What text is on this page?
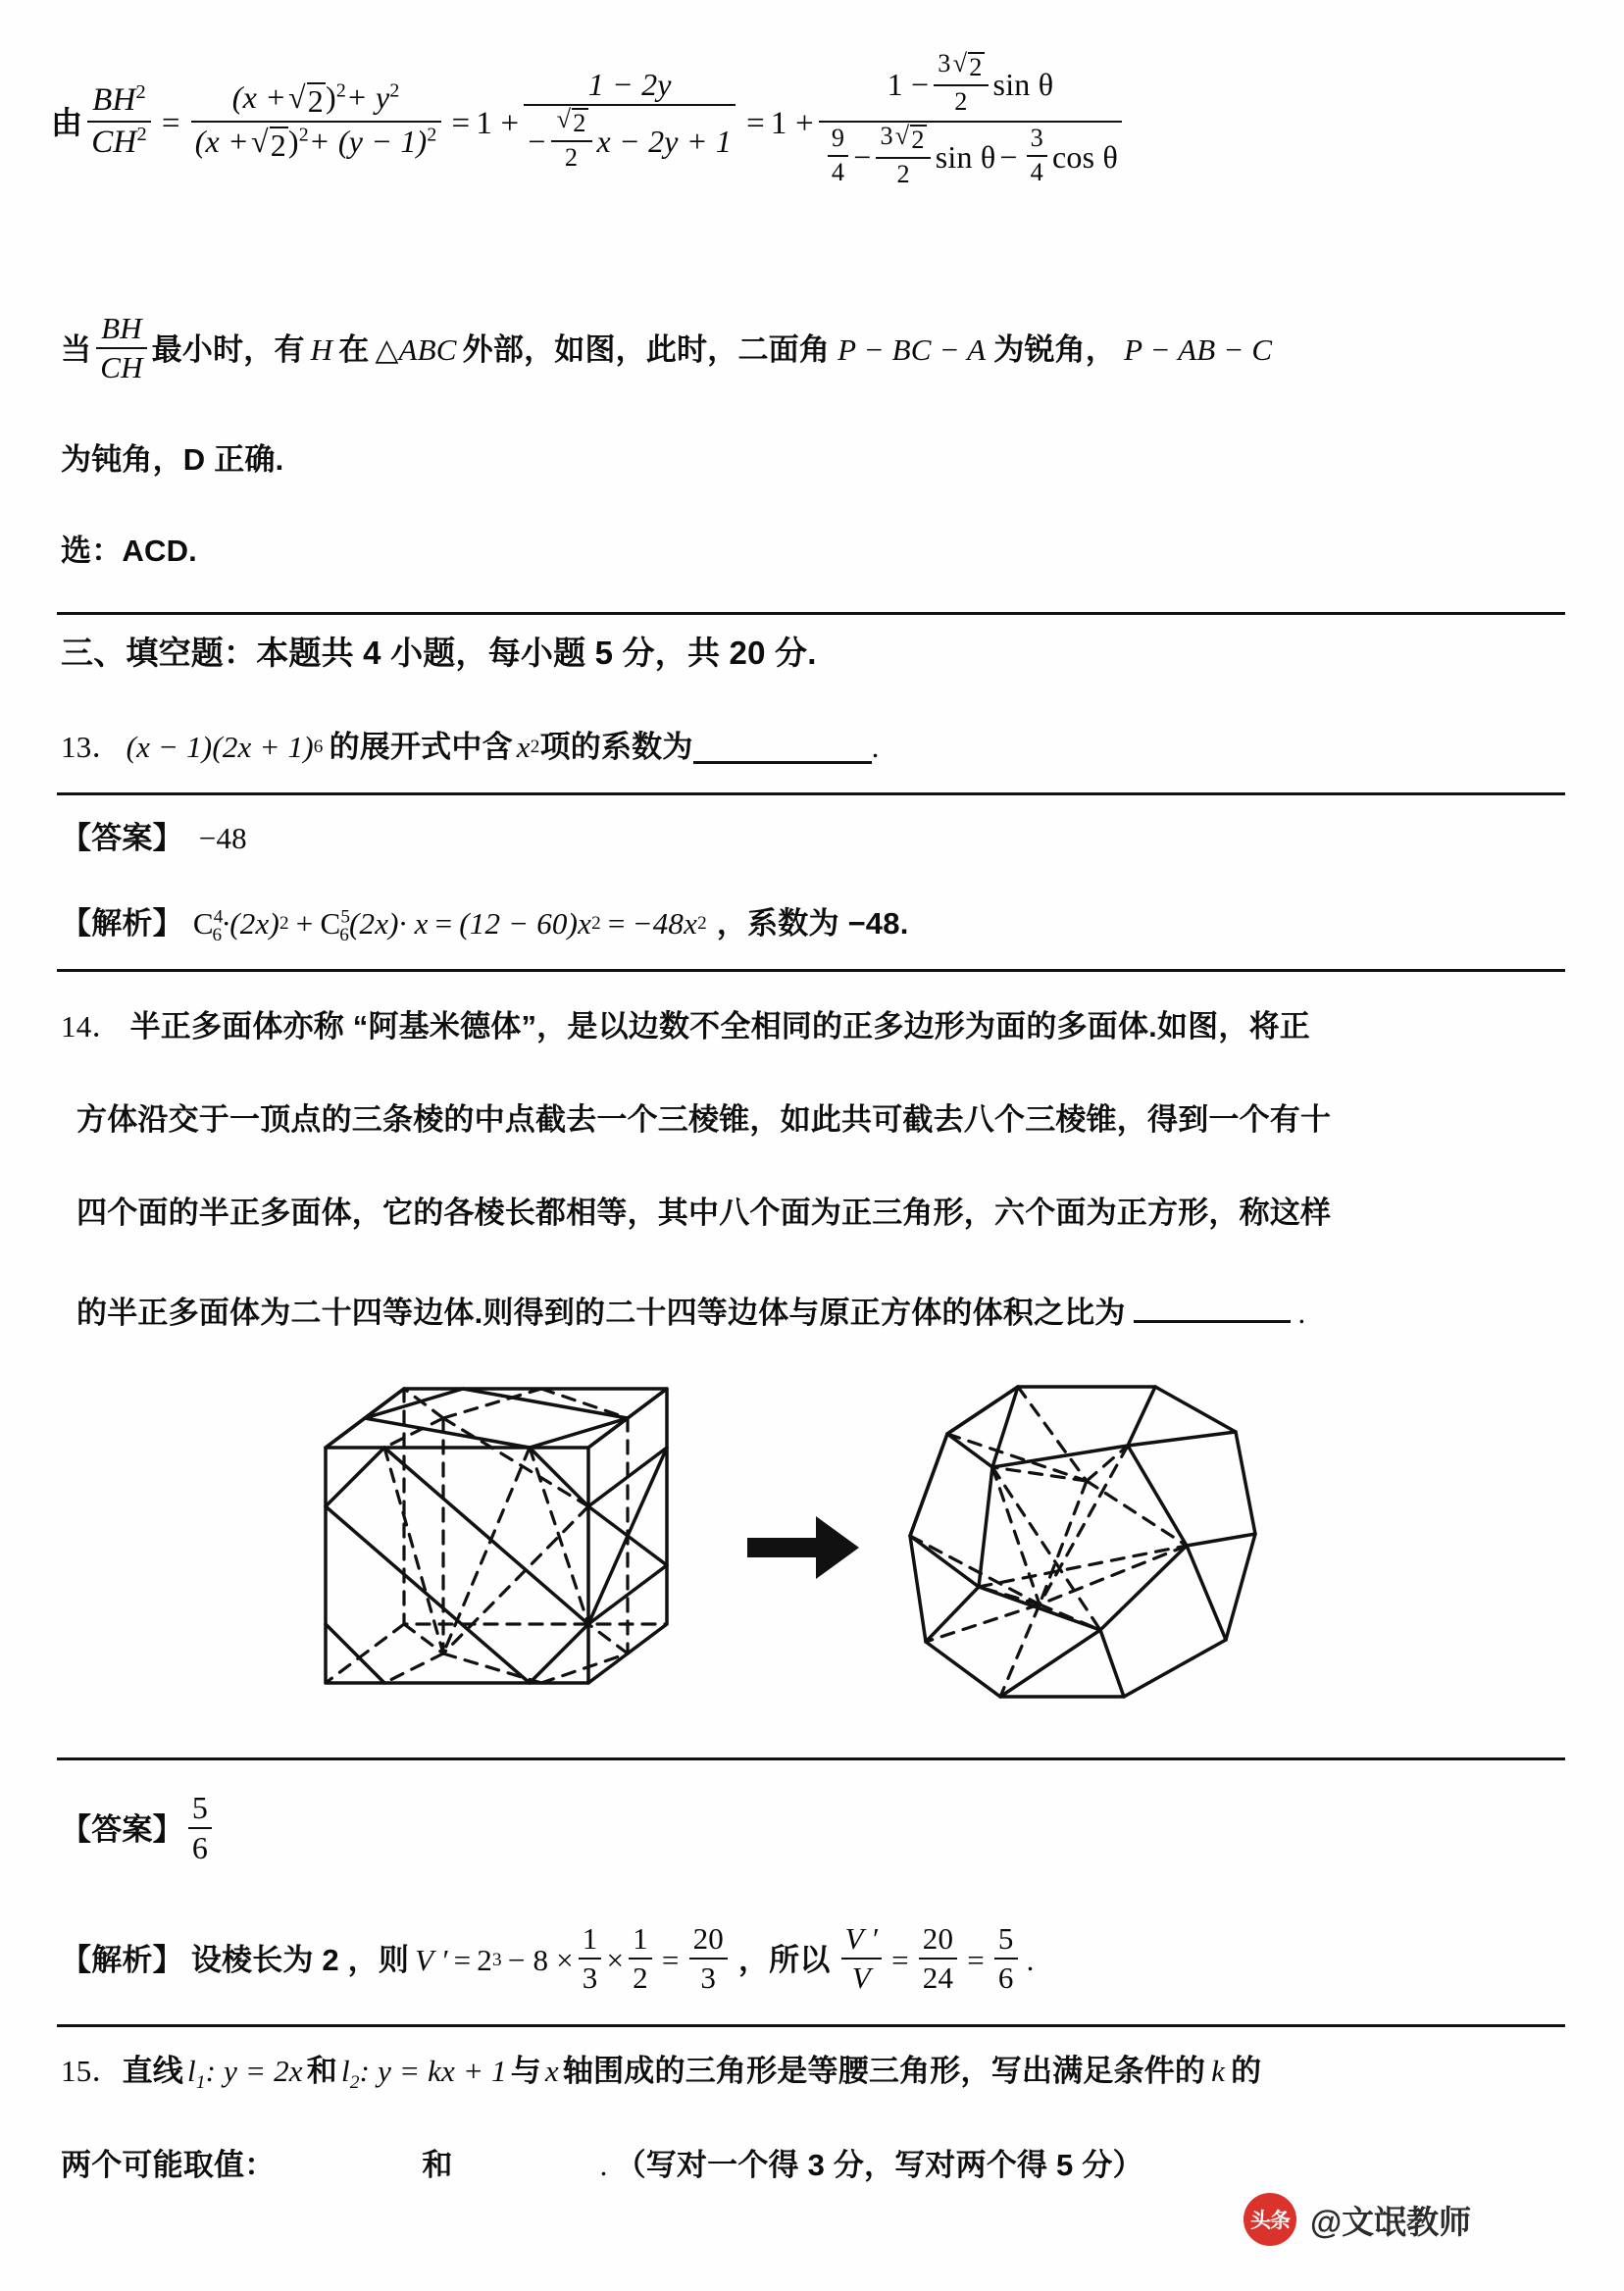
由 $\frac{BH^2}{CH^2} = \frac{(x + √ 2 )^2+ y^2}{(x + √ 2 )^2+ (y - 1)^2} = 1$ +
1 − 2y
− $\frac{√ 2}{2}$ x − 2y + 1
= 1 +
$1 - \frac{3 √ 2}{2}$ sin θ
$\frac{9}{4} - \frac{3 √ 2}{2}$ $\sin \theta - \frac{3}{4}$ cos θ
当 $\frac{BH}{CH}$ 最小时，有 H 在 △ABC 外部，如图，此时，二面角 P − BC − A 为锐角， P − AB − C
为钝角，D 正确.
选：ACD.
三、填空题：本题共 4 小题，每小题 5 分，共 20 分.
13． (x − 1)(2x + 1) 6 的展开式中含 x 2 项的系数为	.
【答案】 −48
【解析】 $C^4_6 \cdot(2x) 2 + C^5_6$ (2x)· x = (12 − 60)x 2 = −48x 2 ，系数为 −48.
14． 半正多面体亦称 “阿基米德体”，是以边数不全相同的正多边形为面的多面体.如图，将正
方体沿交于一顶点的三条棱的中点截去一个三棱锥，如此共可截去八个三棱锥，得到一个有十
四个面的半正多面体，它的各棱长都相等，其中八个面为正三角形，六个面为正方形，称这样
的半正多面体为二十四等边体.则得到的二十四等边体与原正方体的体积之比为	.
【答案】 $\frac{5}{6}$
【解析】 设棱长为 2 ，则 V ′ = 2 $3 - 8 \times \frac{1}{3} \times \frac{1}{2} = \frac{20}{3}$ ，所以 $\frac{V '}{V} = \frac{20}{24} = \frac{5}{6}$ .
15． 直线 $l_1$ : y = 2x 和 $l_2$ : y = kx + 1 与 x 轴围成的三角形是等腰三角形，写出满足条件的 k 的
两个可能取值：	和	. （写对一个得 3 分，写对两个得 5 分）
头条 @文氓教师
